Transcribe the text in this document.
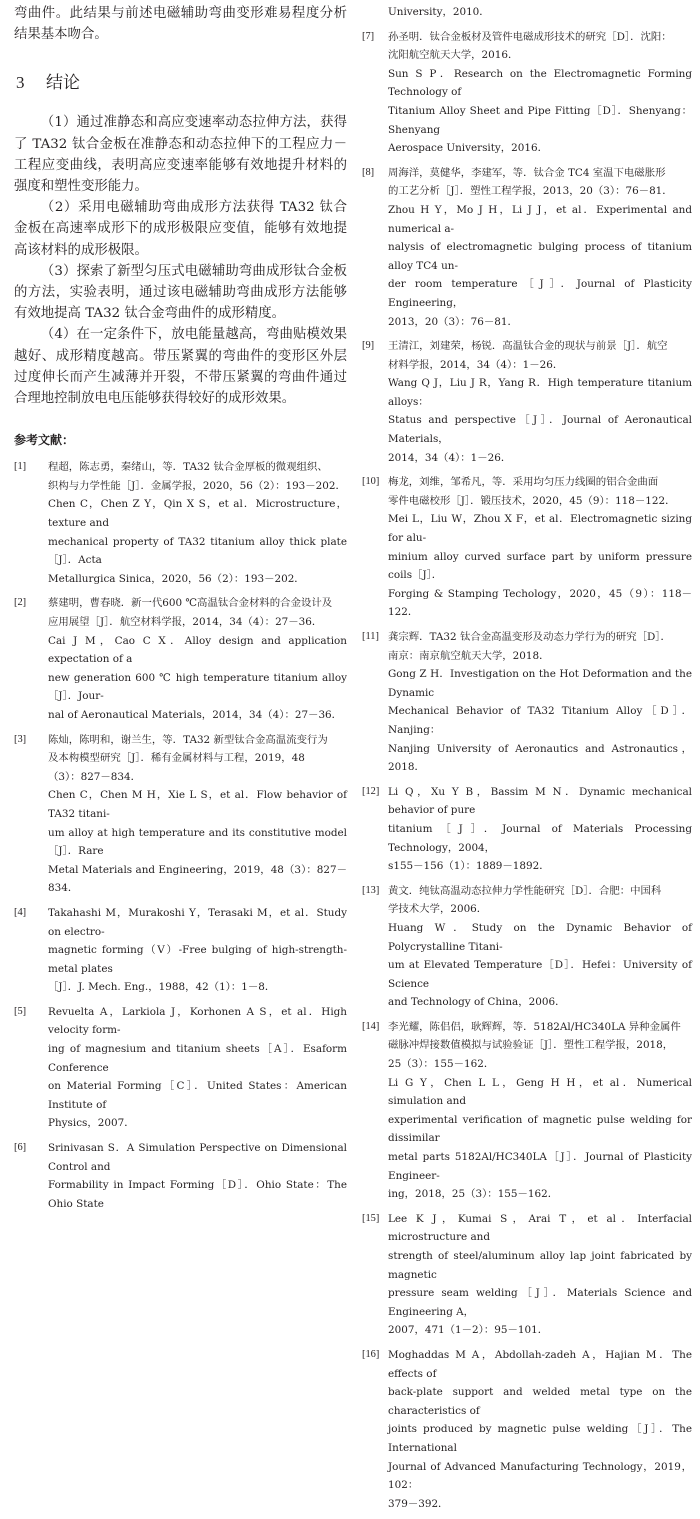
弯曲件。此结果与前述电磁辅助弯曲变形难易程度分析结果基本吻合。

3 结论

（1）通过准静态和高应变速率动态拉伸方法，获得了 TA32 钛合金板在准静态和动态拉伸下的工程应力－工程应变曲线，表明高应变速率能够有效地提升材料的强度和塑性变形能力。

（2）采用电磁辅助弯曲成形方法获得 TA32 钛合金板在高速率成形下的成形极限应变值，能够有效地提高该材料的成形极限。

（3）探索了新型匀压式电磁辅助弯曲成形钛合金板的方法，实验表明，通过该电磁辅助弯曲成形方法能够有效地提高 TA32 钛合金弯曲件的成形精度。

（4）在一定条件下，放电能量越高，弯曲贴模效果越好、成形精度越高。带压紧翼的弯曲件的变形区外层过度伸长而产生减薄并开裂，不带压紧翼的弯曲件通过合理地控制放电电压能够获得较好的成形效果。

参考文献：
[1]	程超，陈志勇，秦绪山，等．TA32 钛合金厚板的微观组织、
织构与力学性能［J］．金属学报，2020，56（2）：193－202．
Chen C，Chen Z Y，Qin X S，et al．Microstructure，texture and
mechanical property of TA32 titanium alloy thick plate［J］．Acta
Metallurgica Sinica，2020，56（2）：193－202．
[2]	蔡建明，曹春晓．新一代600 ℃高温钛合金材料的合金设计及
应用展望［J］．航空材料学报，2014，34（4）：27－36．
Cai J M，Cao C X．Alloy design and application expectation of a
new generation 600 ℃ high temperature titanium alloy［J］．Jour-
nal of Aeronautical Materials，2014，34（4）：27－36．
[3]	陈灿，陈明和，谢兰生，等．TA32 新型钛合金高温流变行为
及本构模型研究［J］．稀有金属材料与工程，2019，48
（3）：827－834．
Chen C，Chen M H，Xie L S，et al．Flow behavior of TA32 titani-
um alloy at high temperature and its constitutive model［J］．Rare
Metal Materials and Engineering，2019，48（3）：827－834．
[4]	Takahashi M，Murakoshi Y，Terasaki M，et al．Study on electro-
magnetic forming（Ⅴ）-Free bulging of high-strength-metal plates
［J］．J. Mech. Eng.，1988，42（1）：1－8．
[5]	Revuelta A，Larkiola J，Korhonen A S，et al．High velocity form-
ing of magnesium and titanium sheets［A］．Esaform Conference
on Material Forming［C］．United States：American Institute of
Physics，2007．
[6]	Srinivasan S．A Simulation Perspective on Dimensional Control and
Formability in Impact Forming［D］．Ohio State：The Ohio State
University，2010．
[7]	孙圣明．钛合金板材及管件电磁成形技术的研究［D］．沈阳：
沈阳航空航天大学，2016．
Sun S P．Research on the Electromagnetic Forming Technology of
Titanium Alloy Sheet and Pipe Fitting［D］．Shenyang：Shenyang
Aerospace University，2016．
[8]	周海洋，莫健华，李建军，等．钛合金 TC4 室温下电磁胀形
的工艺分析［J］．塑性工程学报，2013，20（3）：76－81．
Zhou H Y，Mo J H，Li J J，et al．Experimental and numerical a-
nalysis of electromagnetic bulging process of titanium alloy TC4 un-
der room temperature［J］．Journal of Plasticity Engineering，
2013，20（3）：76－81．
[9]	王清江，刘建荣，杨锐．高温钛合金的现状与前景［J］．航空
材料学报，2014，34（4）：1－26．
Wang Q J，Liu J R，Yang R．High temperature titanium alloys：
Status and perspective［J］．Journal of Aeronautical Materials，
2014，34（4）：1－26．
[10] 梅龙，刘维，邹希凡，等．采用均匀压力线圈的铝合金曲面
零件电磁校形［J］．锻压技术，2020，45（9）：118－122．
Mei L，Liu W，Zhou X F，et al．Electromagnetic sizing for alu-
minium alloy curved surface part by uniform pressure coils［J］．
Forging & Stamping Techology，2020，45（9）：118－122．
[11] 龚宗辉．TA32 钛合金高温变形及动态力学行为的研究［D］．
南京：南京航空航天大学，2018．
Gong Z H．Investigation on the Hot Deformation and the Dynamic
Mechanical Behavior of TA32 Titanium Alloy［D］．Nanjing：
Nanjing University of Aeronautics and Astronautics，2018．
[12] Li Q，Xu Y B，Bassim M N．Dynamic mechanical behavior of pure
titanium［J］．Journal of Materials Processing Technology，2004，
s155－156（1）：1889－1892．
[13] 黄文．纯钛高温动态拉伸力学性能研究［D］．合肥：中国科
学技术大学，2006．
Huang W．Study on the Dynamic Behavior of Polycrystalline Titani-
um at Elevated Temperature［D］．Hefei：University of Science
and Technology of China，2006．
[14] 李光耀，陈侣侣，耿辉辉，等．5182Al/HC340LA 异种金属件
磁脉冲焊接数值模拟与试验验证［J］．塑性工程学报，2018，
25（3）：155－162．
Li G Y，Chen L L，Geng H H，et al．Numerical simulation and
experimental verification of magnetic pulse welding for dissimilar
metal parts 5182Al/HC340LA［J］．Journal of Plasticity Engineer-
ing，2018，25（3）：155－162．
[15] Lee K J，Kumai S，Arai T，et al．Interfacial microstructure and
strength of steel/aluminum alloy lap joint fabricated by magnetic
pressure seam welding［J］．Materials Science and Engineering A，
2007，471（1－2）：95－101．
[16] Moghaddas M A，Abdollah-zadeh A，Hajian M．The effects of
back-plate support and welded metal type on the characteristics of
joints produced by magnetic pulse welding［J］．The International
Journal of Advanced Manufacturing Technology，2019，102：
379－392．
